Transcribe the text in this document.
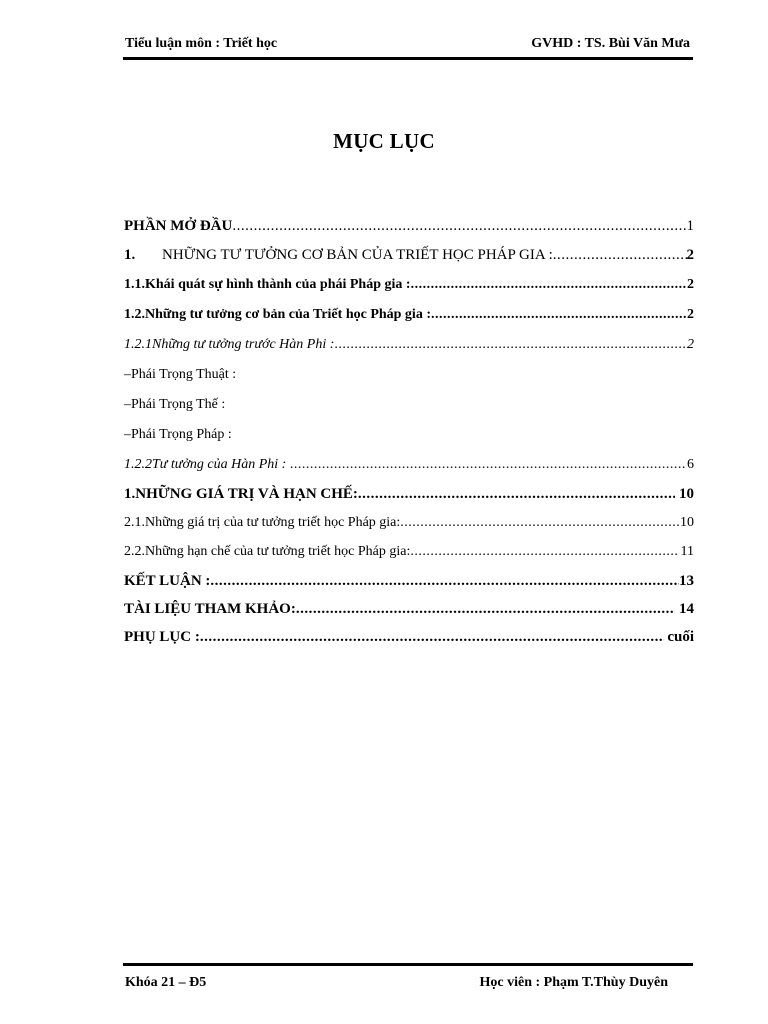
Tiểu luận môn : Triết học	GVHD : TS. Bùi Văn Mưa
MỤC LỤC
PHẦN MỞ ĐẦU .....	1
1. NHỮNG TƯ TƯỞNG CƠ BẢN CỦA TRIẾT HỌC PHÁP GIA : .....	2
1.1.Khái quát sự hình thành của phái Pháp gia : .....	2
1.2.Những tư tưởng cơ bản của Triết học Pháp gia : .....	2
1.2.1Những tư tưởng trước Hàn Phi : .....	2
–Phái Trọng Thuật :
–Phái Trọng Thế :
–Phái Trọng Pháp :
1.2.2Tư tưởng của Hàn Phi : .....	6
1.NHỮNG GIÁ TRỊ VÀ HẠN CHẾ: .....	10
2.1.Những giá trị của tư tưởng triết học Pháp gia: .....	10
2.2.Những hạn chế của tư tưởng triết học Pháp gia: .....	11
KẾT LUẬN : .....	13
TÀI LIỆU THAM KHẢO: .....	14
PHỤ LỤC : .....	cuối
Khóa 21 – Đ5	Học viên : Phạm T.Thùy Duyên
